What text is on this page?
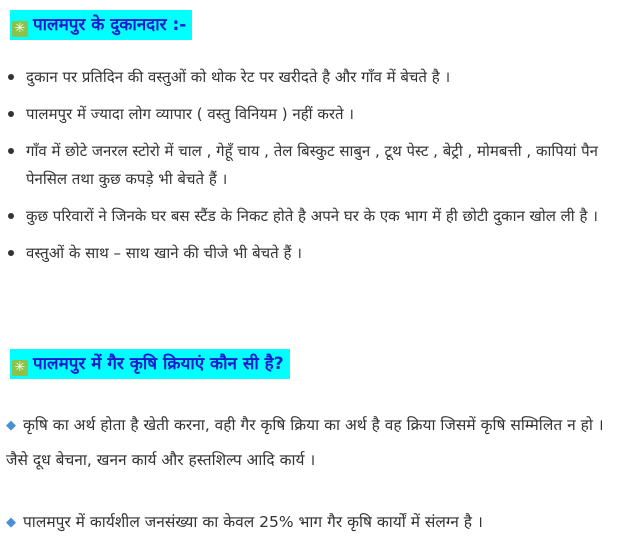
✳ पालमपुर के दुकानदार :-
दुकान पर प्रतिदिन की वस्तुओं को थोक रेट पर खरीदते है और गाँव में बेचते है ।
पालमपुर में ज्यादा लोग व्यापार ( वस्तु विनियम ) नहीं करते ।
गाँव में छोटे जनरल स्टोरो में चाल , गेहूँ चाय , तेल बिस्कुट साबुन , टूथ पेस्ट , बेट्री , मोमबत्ती , कापियां पैन पेनसिल तथा कुछ कपड़े भी बेचते हैं ।
कुछ परिवारों ने जिनके घर बस स्टैंड के निकट होते है अपने घर के एक भाग में ही छोटी दुकान खोल ली है ।
वस्तुओं के साथ – साथ खाने की चीजे भी बेचते हैं ।
✳ पालमपुर में गैर कृषि क्रियाएं कौन सी है?

◆ कृषि का अर्थ होता है खेती करना, वही गैर कृषि क्रिया का अर्थ है वह क्रिया जिसमें कृषि सम्मिलित न हो । जैसे दूध बेचना, खनन कार्य और हस्तशिल्प आदि कार्य ।

◆ पालमपुर में कार्यशील जनसंख्या का केवल 25% भाग गैर कृषि कार्यों में संलग्न है ।
